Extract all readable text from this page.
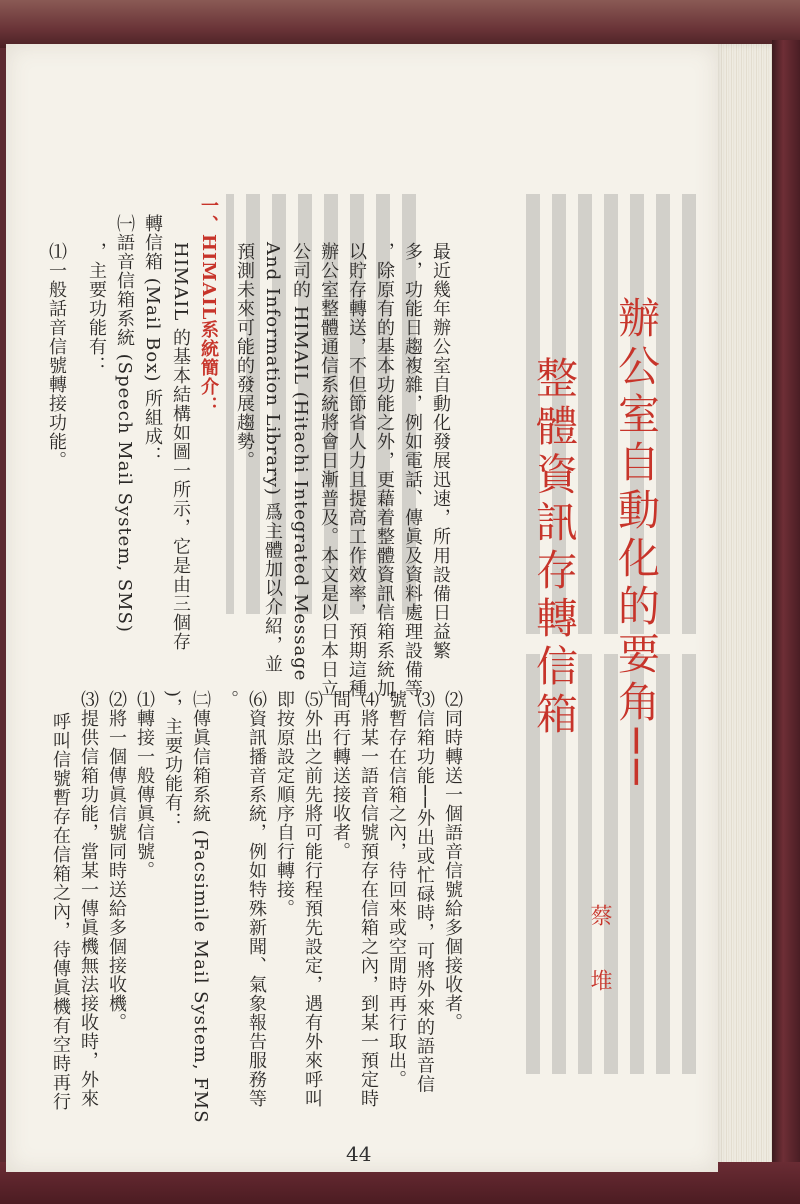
辦公室自動化的要角──
整體資訊存轉信箱
蔡 堆
最近幾年辦公室自動化發展迅速，所用設備日益繁
多，功能日趨複雜，例如電話、傳眞及資料處理設備等
，除原有的基本功能之外，更藉着整體資訊信箱系統加
以貯存轉送，不但節省人力且提高工作效率，預期這種
辦公室整體通信系統將會日漸普及。本文是以日本日立
公司的 HIMAIL (Hitachi Integrated Message
And Information Library) 爲主體加以介紹，並
預測未來可能的發展趨勢。
一、HIMAIL系統簡介：
HIMAIL 的基本結構如圖一所示，它是由三個存
轉信箱 (Mail Box) 所組成：
㈠語音信箱系統 (Speech Mail System, SMS)
，主要功能有：
⑴一般話音信號轉接功能。
⑵同時轉送一個語音信號給多個接收者。
⑶信箱功能──外出或忙碌時，可將外來的語音信
號暫存在信箱之內，待回來或空閒時再行取出。
⑷將某一語音信號預存在信箱之內，到某一預定時
間再行轉送接收者。
⑸外出之前先將可能行程預先設定，遇有外來呼叫
即按原設定順序自行轉接。
⑹資訊播音系統，例如特殊新聞、氣象報告服務等
。
㈡傳眞信箱系統 (Facsimile Mail System, FMS
)，主要功能有：
⑴轉接一般傳眞信號。
⑵將一個傳眞信號同時送給多個接收機。
⑶提供信箱功能，當某一傳眞機無法接收時，外來
呼叫信號暫存在信箱之內，待傳眞機有空時再行
44
